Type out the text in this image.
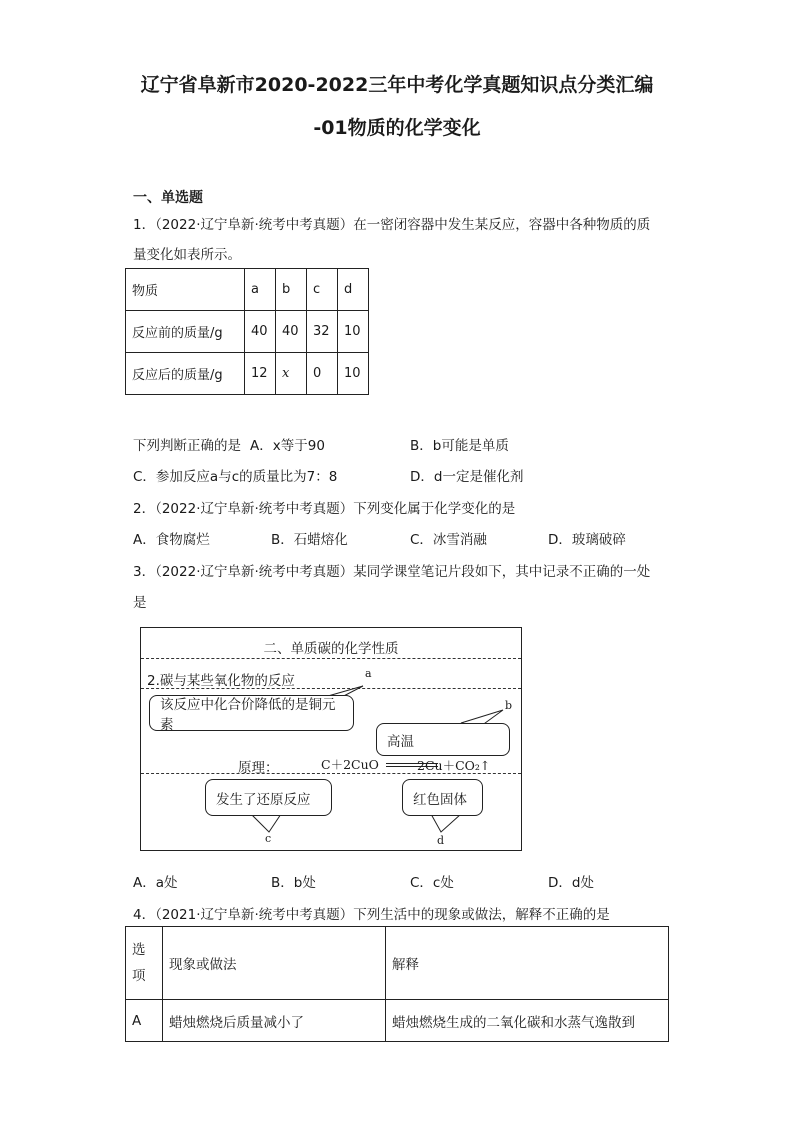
辽宁省阜新市2020-2022三年中考化学真题知识点分类汇编
-01物质的化学变化
一、单选题
1．（2022·辽宁阜新·统考中考真题）在一密闭容器中发生某反应，容器中各种物质的质
量变化如表所示。
物质	a	b	c	d
反应前的质量/g	40	40	32	10
反应后的质量/g	12	x	0	10
下列判断正确的是 A．x等于90	B．b可能是单质
C．参加反应a与c的质量比为7：8	D．d一定是催化剂
2．（2022·辽宁阜新·统考中考真题）下列变化属于化学变化的是
A．食物腐烂	B．石蜡熔化	C．冰雪消融	D．玻璃破碎
3．（2022·辽宁阜新·统考中考真题）某同学课堂笔记片段如下，其中记录不正确的一处
是
二、单质碳的化学性质
2.碳与某些氧化物的反应
该反应中化合价降低的是铜元素
a
高温
b
原理：	C＋2CuO	2Cu＋CO₂↑
发生了还原反应
c
红色固体
d
A．a处	B．b处	C．c处	D．d处
4．（2021·辽宁阜新·统考中考真题）下列生活中的现象或做法，解释不正确的是
选项	现象或做法	解释
A	蜡烛燃烧后质量减小了	蜡烛燃烧生成的二氧化碳和水蒸气逸散到
